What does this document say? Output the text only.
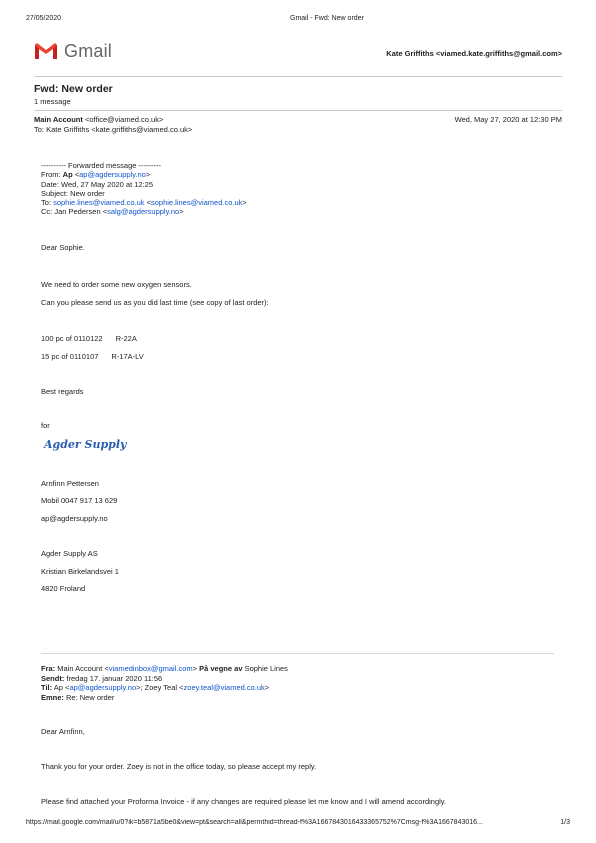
27/05/2020	Gmail - Fwd: New order
Gmail	Kate Griffiths <viamed.kate.griffiths@gmail.com>
Fwd: New order
1 message
Main Account <office@viamed.co.uk>	Wed, May 27, 2020 at 12:30 PM
To: Kate Griffiths <kate.griffiths@viamed.co.uk>
---------- Forwarded message ---------
From: Ap <ap@agdersupply.no>
Date: Wed, 27 May 2020 at 12:25
Subject: New order
To: sophie.lines@viamed.co.uk <sophie.lines@viamed.co.uk>
Cc: Jan Pedersen <salg@agdersupply.no>
Dear Sophie.
We need to order some new oxygen sensors.
Can you please send us as you did last time (see copy of last order):
100 pc of 0110122 R-22A
15 pc of 0110107 R-17A-LV
Best regards
for
Agder Supply
Arnfinn Pettersen
Mobil 0047 917 13 629
ap@agdersupply.no
Agder Supply AS
Kristian Birkelandsvei 1
4820 Froland
Fra: Main Account <viamedinbox@gmail.com> På vegne av Sophie Lines
Sendt: fredag 17. januar 2020 11:56
Til: Ap <ap@agdersupply.no>; Zoey Teal <zoey.teal@viamed.co.uk>
Emne: Re: New order
Dear Arnfinn,
Thank you for your order. Zoey is not in the office today, so please accept my reply.
Please find attached your Proforma Invoice - if any changes are required please let me know and I will amend accordingly.
https://mail.google.com/mail/u/0?ik=b5871a5be0&view=pt&search=all&permthid=thread-f%3A1667843016433365752%7Cmsg-f%3A1667843016...	1/3
